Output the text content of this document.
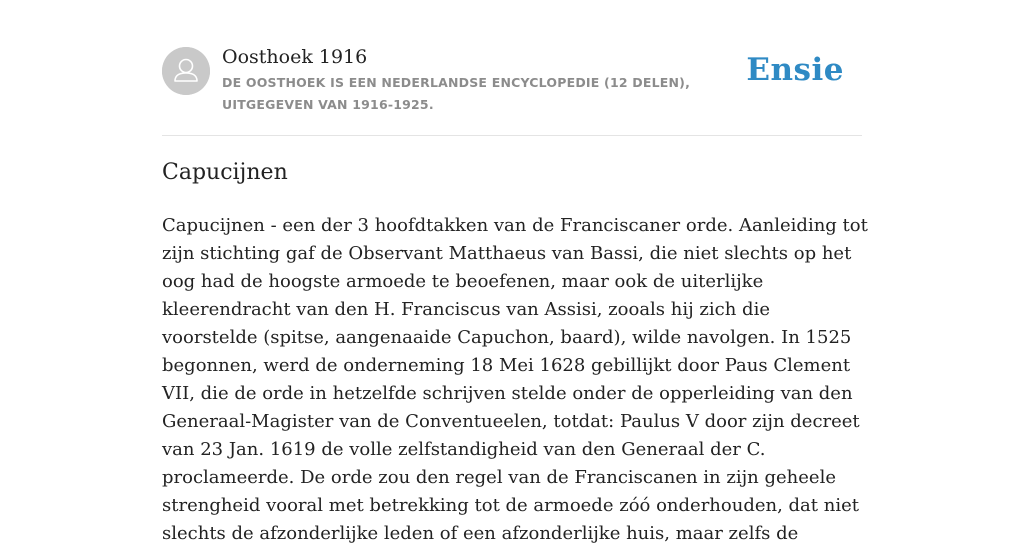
Oosthoek 1916
DE OOSTHOEK IS EEN NEDERLANDSE ENCYCLOPEDIE (12 DELEN), UITGEGEVEN VAN 1916-1925.
Ensie
Capucijnen

Capucijnen - een der 3 hoofdtakken van de Franciscaner orde. Aanleiding tot zijn stichting gaf de Observant Matthaeus van Bassi, die niet slechts op het oog had de hoogste armoede te beoefenen, maar ook de uiterlijke kleerendracht van den H. Franciscus van Assisi, zooals hij zich die voorstelde (spitse, aangenaaide Capuchon, baard), wilde navolgen. In 1525 begonnen, werd de onderneming 18 Mei 1628 gebillijkt door Paus Clement VII, die de orde in hetzelfde schrijven stelde onder de opperleiding van den Generaal-Magister van de Conventueelen, totdat: Paulus V door zijn decreet van 23 Jan. 1619 de volle zelfstandigheid van den Generaal der C. proclameerde. De orde zou den regel van de Franciscanen in zijn geheele strengheid vooral met betrekking tot de armoede zóó onderhouden, dat niet slechts de afzonderlijke leden of een afzonderlijke huis, maar zelfs de
